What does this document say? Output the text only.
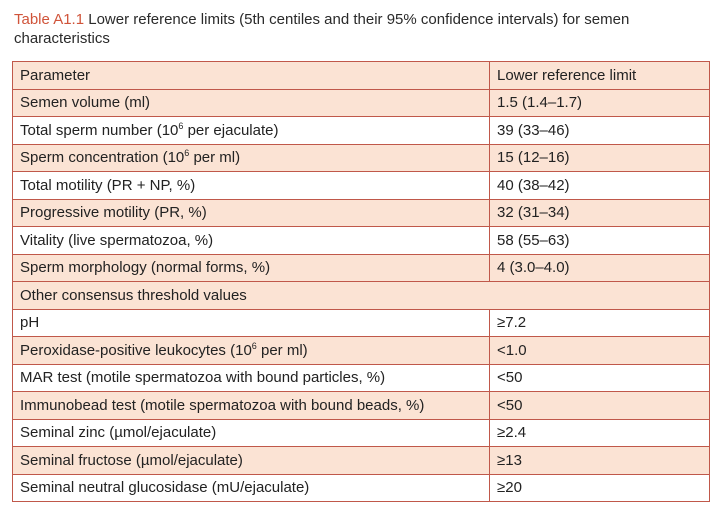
Table A1.1 Lower reference limits (5th centiles and their 95% confidence intervals) for semen characteristics
Parameter	Lower reference limit
Semen volume (ml)	1.5 (1.4–1.7)
Total sperm number ($10^6$ per ejaculate)	39 (33–46)
Sperm concentration ($10^6$ per ml)	15 (12–16)
Total motility (PR + NP, %)	40 (38–42)
Progressive motility (PR, %)	32 (31–34)
Vitality (live spermatozoa, %)	58 (55–63)
Sperm morphology (normal forms, %)	4 (3.0–4.0)
Other consensus threshold values	
pH	≥7.2
Peroxidase-positive leukocytes ($10^6$ per ml)	<1.0
MAR test (motile spermatozoa with bound particles, %)	<50
Immunobead test (motile spermatozoa with bound beads, %)	<50
Seminal zinc (µmol/ejaculate)	≥2.4
Seminal fructose (µmol/ejaculate)	≥13
Seminal neutral glucosidase (mU/ejaculate)	≥20
